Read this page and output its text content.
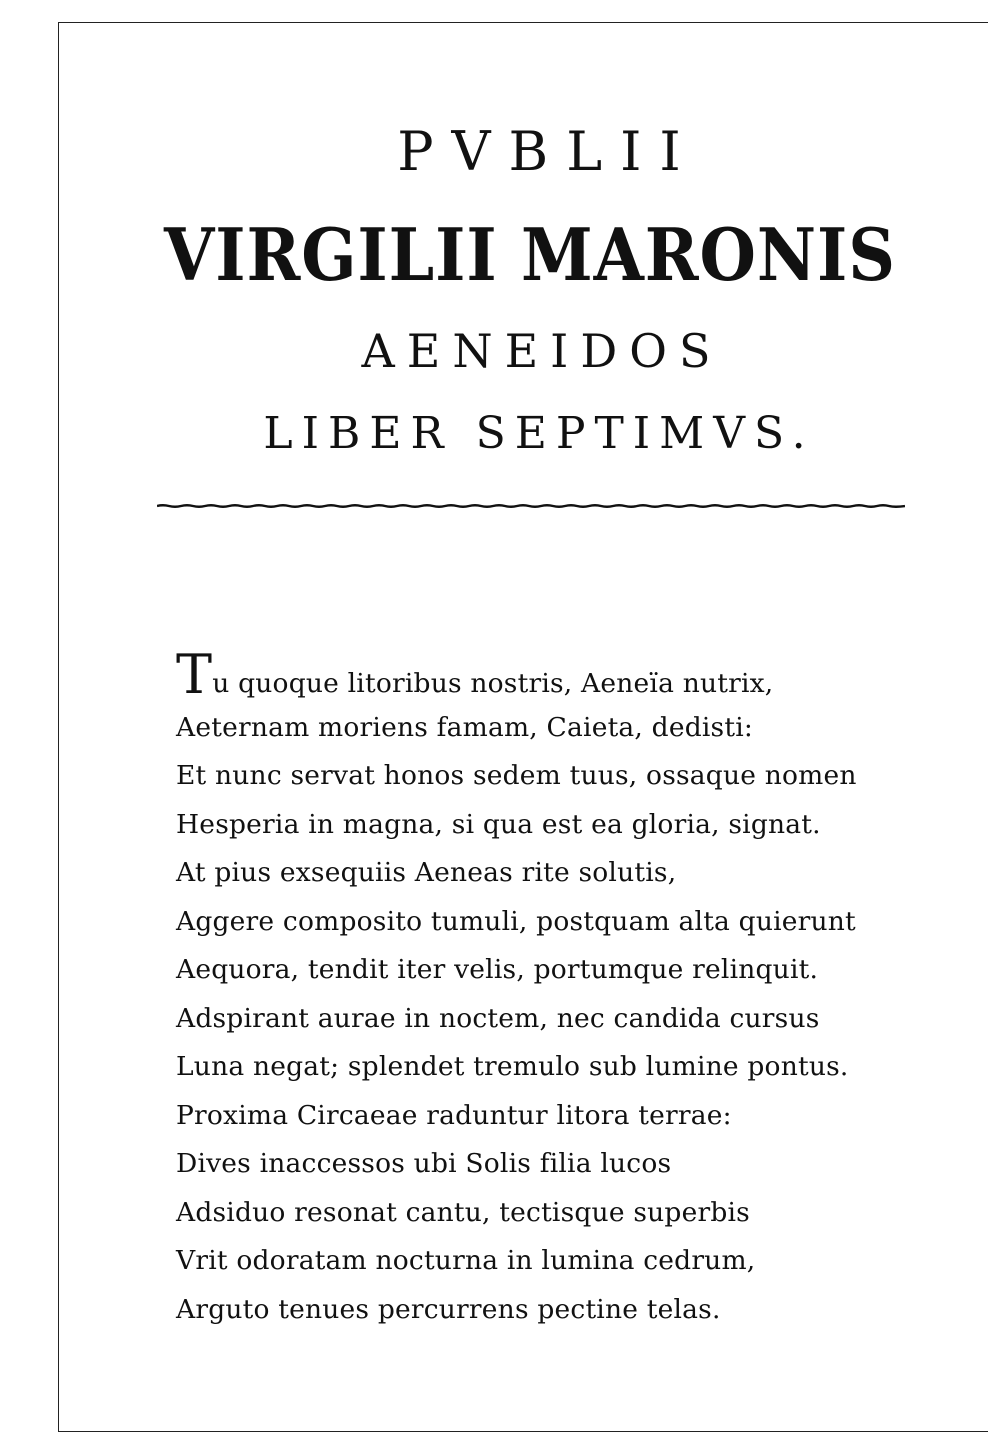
PVBLII
VIRGILII MARONIS
AENEIDOS
LIBER SEPTIMVS.
Tu quoque litoribus nostris, Aeneïa nutrix,
Aeternam moriens famam, Caieta, dedisti:
Et nunc servat honos sedem tuus, ossaque nomen
Hesperia in magna, si qua est ea gloria, signat.
At pius exsequiis Aeneas rite solutis,
Aggere composito tumuli, postquam alta quierunt
Aequora, tendit iter velis, portumque relinquit.
Adspirant aurae in noctem, nec candida cursus
Luna negat; splendet tremulo sub lumine pontus.
Proxima Circaeae raduntur litora terrae:
Dives inaccessos ubi Solis filia lucos
Adsiduo resonat cantu, tectisque superbis
Vrit odoratam nocturna in lumina cedrum,
Arguto tenues percurrens pectine telas.
